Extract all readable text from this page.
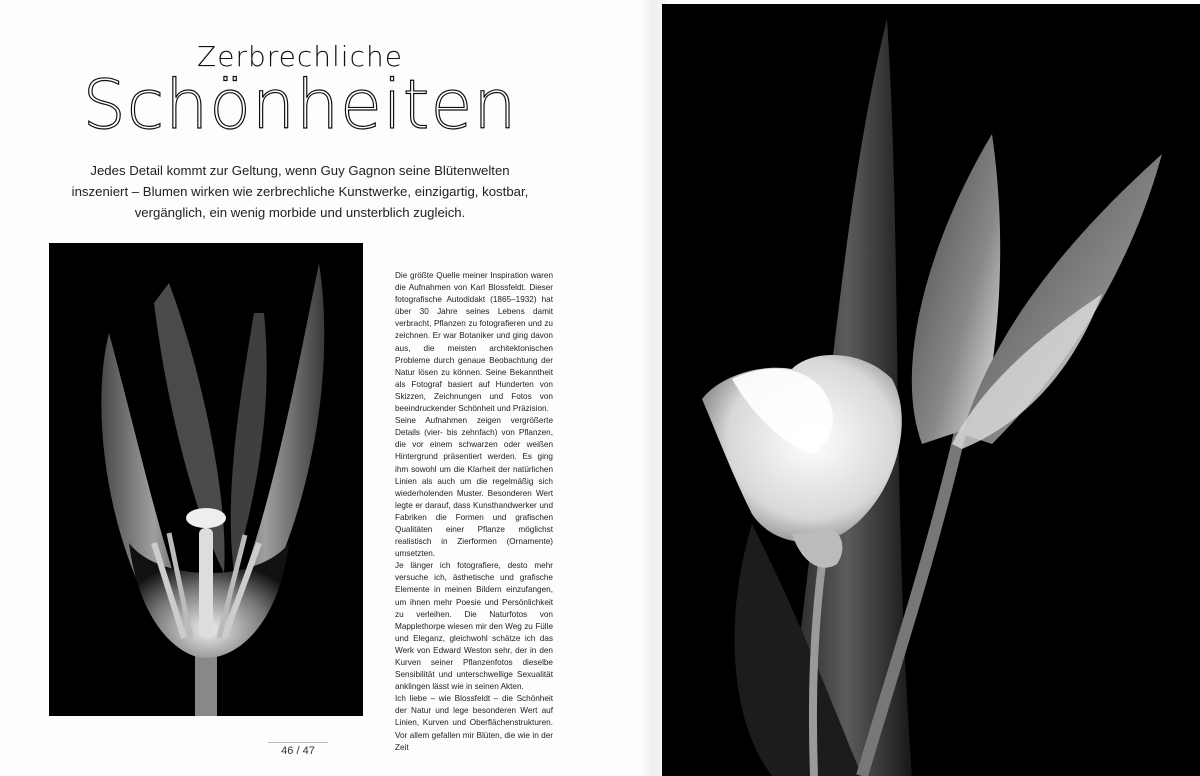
Zerbrechliche
Schönheiten
Jedes Detail kommt zur Geltung, wenn Guy Gagnon seine Blütenwelten inszeniert – Blumen wirken wie zerbrechliche Kunstwerke, einzigartig, kostbar, vergänglich, ein wenig morbide und unsterblich zugleich.

Die größte Quelle meiner Inspiration waren die Aufnahmen von Karl Blossfeldt. Dieser fotografische Autodidakt (1865–1932) hat über 30 Jahre seines Lebens damit verbracht, Pflanzen zu fotografieren und zu zeichnen. Er war Botaniker und ging davon aus, die meisten architektonischen Probleme durch genaue Beobachtung der Natur lösen zu können. Seine Bekanntheit als Fotograf basiert auf Hunderten von Skizzen, Zeichnungen und Fotos von beeindruckender Schönheit und Präzision.

Seine Aufnahmen zeigen vergrößerte Details (vier- bis zehnfach) von Pflanzen, die vor einem schwarzen oder weißen Hintergrund präsentiert werden. Es ging ihm sowohl um die Klarheit der natürlichen Linien als auch um die regelmäßig sich wiederholenden Muster. Besonderen Wert legte er darauf, dass Kunsthandwerker und Fabriken die Formen und grafischen Qualitäten einer Pflanze möglichst realistisch in Zierformen (Ornamente) umsetzten.

Je länger ich fotografiere, desto mehr versuche ich, ästhetische und grafische Elemente in meinen Bildern einzufangen, um ihnen mehr Poesie und Persönlichkeit zu verleihen. Die Naturfotos von Mapplethorpe wiesen mir den Weg zu Fülle und Eleganz, gleichwohl schätze ich das Werk von Edward Weston sehr, der in den Kurven seiner Pflanzenfotos dieselbe Sensibilität und unterschwellige Sexualität anklingen lässt wie in seinen Akten.

Ich liebe – wie Blossfeldt – die Schönheit der Natur und lege besonderen Wert auf Linien, Kurven und Oberflächenstrukturen. Vor allem gefallen mir Blüten, die wie in der Zeit

46 / 47
